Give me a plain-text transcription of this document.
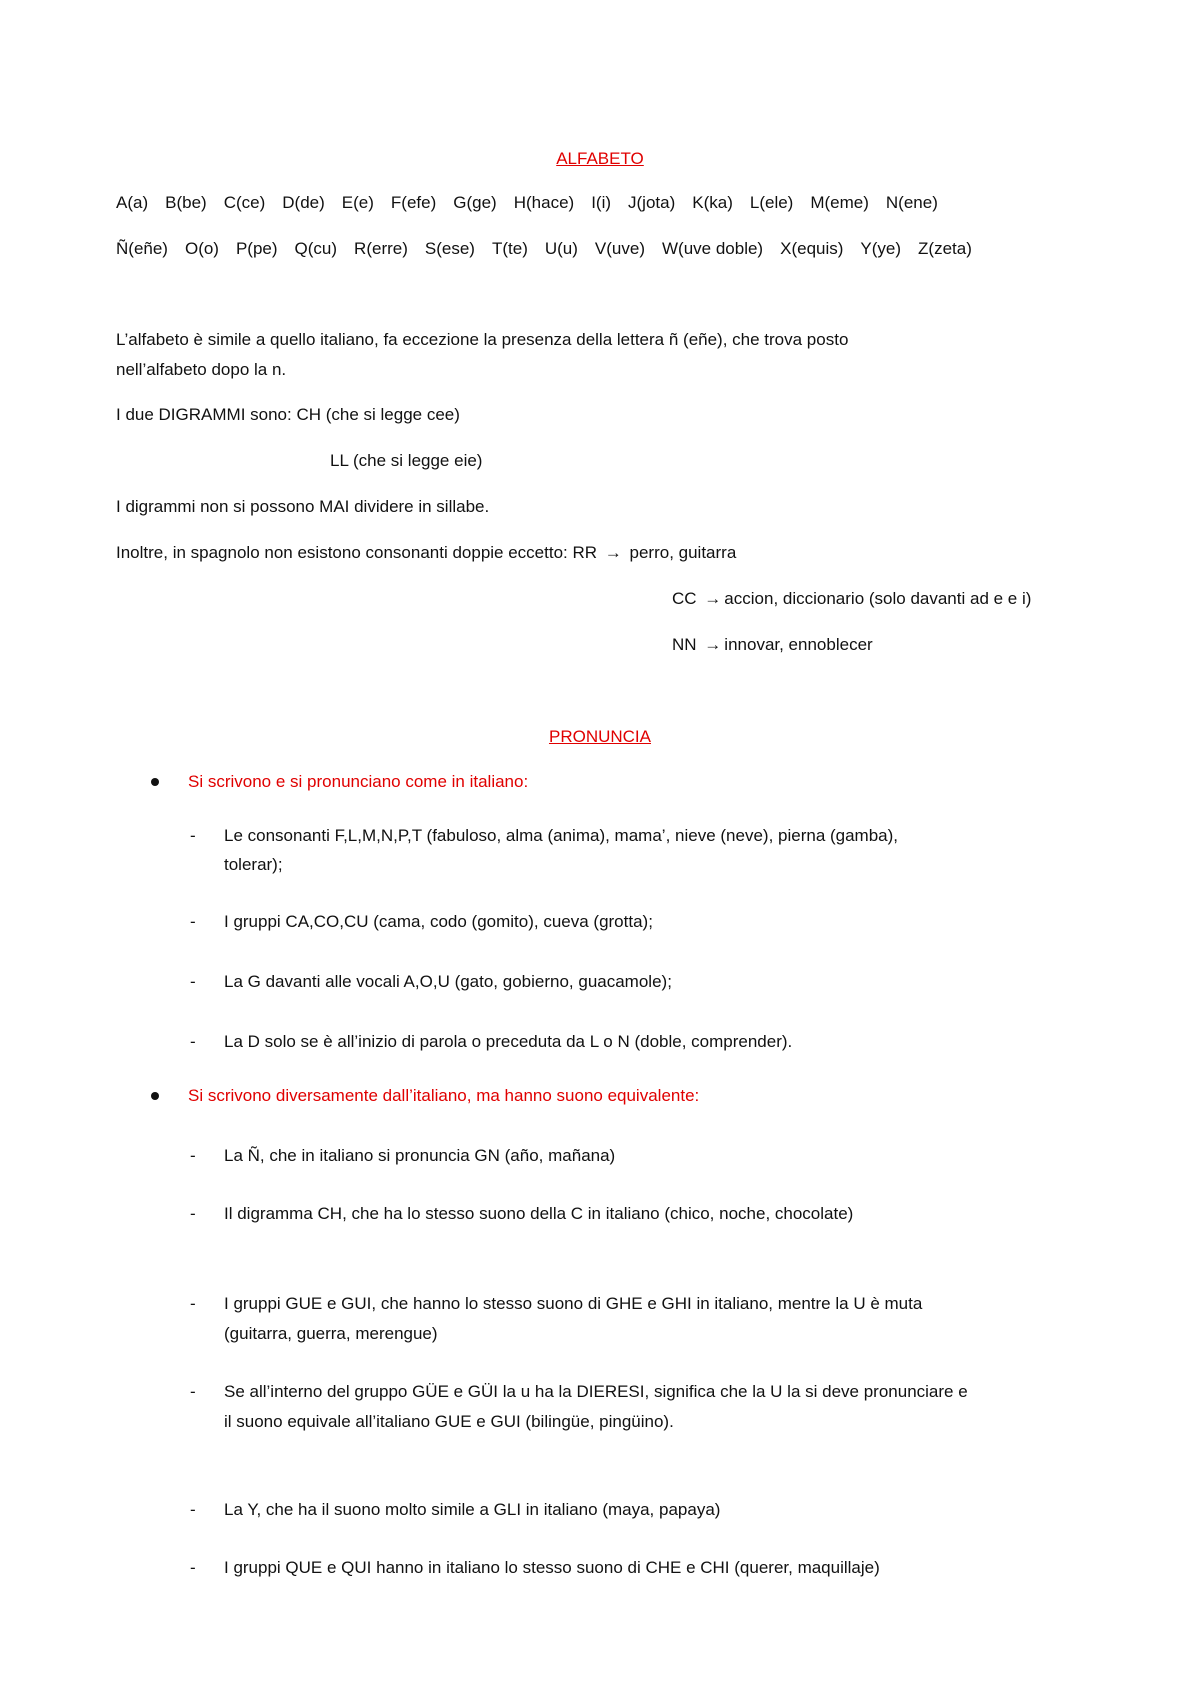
ALFABETO
A(a) B(be) C(ce) D(de) E(e) F(efe) G(ge) H(hace) I(i) J(jota) K(ka) L(ele) M(eme) N(ene)
Ñ(eñe) O(o) P(pe) Q(cu) R(erre) S(ese) T(te) U(u) V(uve) W(uve doble) X(equis) Y(ye) Z(zeta)
L’alfabeto è simile a quello italiano, fa eccezione la presenza della lettera ñ (eñe), che trova posto
nell’alfabeto dopo la n.
I due DIGRAMMI sono: CH (che si legge cee)
LL (che si legge eie)
I digrammi non si possono MAI dividere in sillabe.
Inoltre, in spagnolo non esistono consonanti doppie eccetto: RR → perro, guitarra
CC → accion, diccionario (solo davanti ad e e i)
NN → innovar, ennoblecer
PRONUNCIA
Si scrivono e si pronunciano come in italiano:
- Le consonanti F,L,M,N,P,T (fabuloso, alma (anima), mama’, nieve (neve), pierna (gamba),
tolerar);
- I gruppi CA,CO,CU (cama, codo (gomito), cueva (grotta);
- La G davanti alle vocali A,O,U (gato, gobierno, guacamole);
- La D solo se è all’inizio di parola o preceduta da L o N (doble, comprender).
Si scrivono diversamente dall’italiano, ma hanno suono equivalente:
- La Ñ, che in italiano si pronuncia GN (año, mañana)
- Il digramma CH, che ha lo stesso suono della C in italiano (chico, noche, chocolate)
- I gruppi GUE e GUI, che hanno lo stesso suono di GHE e GHI in italiano, mentre la U è muta
(guitarra, guerra, merengue)
- Se all’interno del gruppo GÜE e GÜI la u ha la DIERESI, significa che la U la si deve pronunciare e
il suono equivale all’italiano GUE e GUI (bilingüe, pingüino).
- La Y, che ha il suono molto simile a GLI in italiano (maya, papaya)
- I gruppi QUE e QUI hanno in italiano lo stesso suono di CHE e CHI (querer, maquillaje)
